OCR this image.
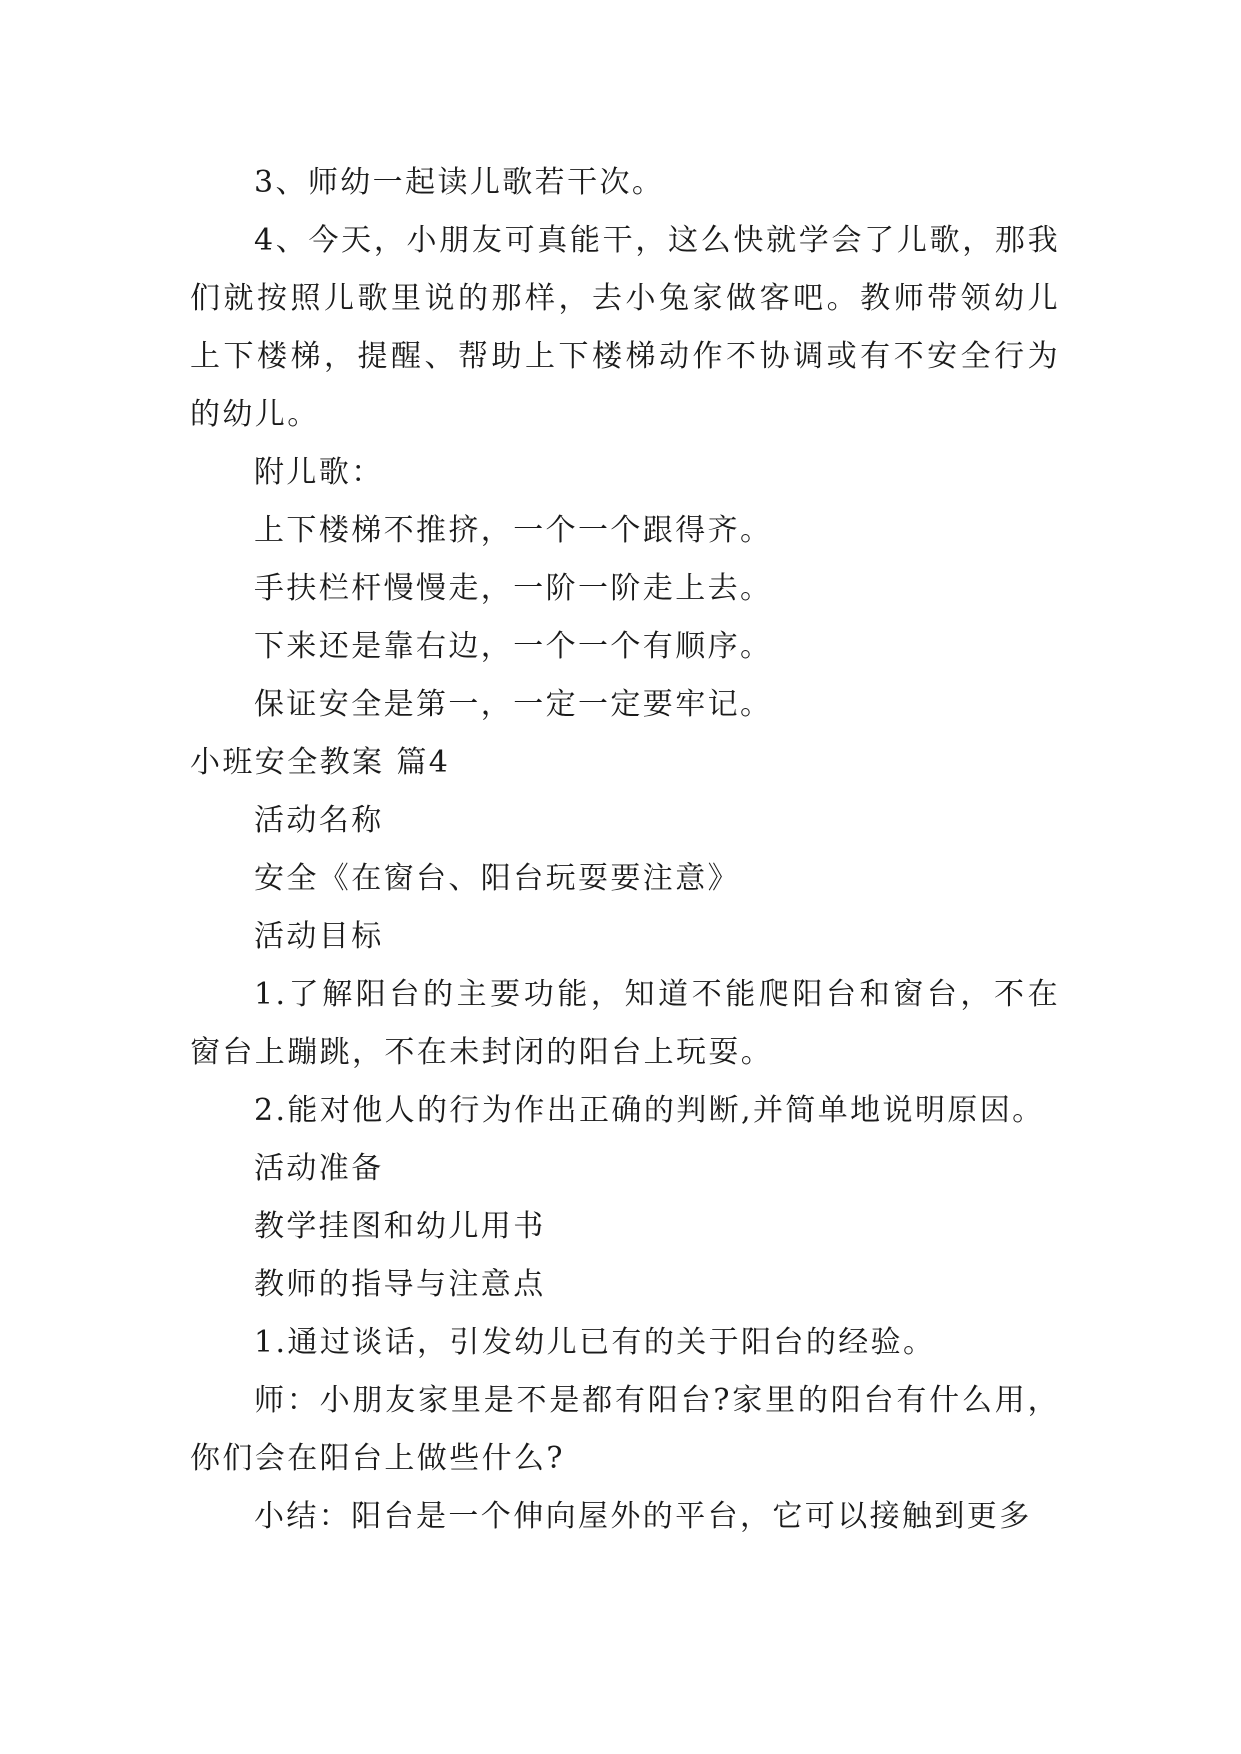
3、师幼一起读儿歌若干次。

4、今天，小朋友可真能干，这么快就学会了儿歌，那我们就按照儿歌里说的那样，去小兔家做客吧。教师带领幼儿上下楼梯，提醒、帮助上下楼梯动作不协调或有不安全行为的幼儿。

附儿歌：

上下楼梯不推挤，一个一个跟得齐。

手扶栏杆慢慢走，一阶一阶走上去。

下来还是靠右边，一个一个有顺序。

保证安全是第一，一定一定要牢记。

小班安全教案 篇4

活动名称

安全《在窗台、阳台玩耍要注意》

活动目标

1.了解阳台的主要功能，知道不能爬阳台和窗台，不在窗台上蹦跳，不在未封闭的阳台上玩耍。

2.能对他人的行为作出正确的判断,并简单地说明原因。

活动准备

教学挂图和幼儿用书

教师的指导与注意点

1.通过谈话，引发幼儿已有的关于阳台的经验。

师：小朋友家里是不是都有阳台?家里的阳台有什么用，你们会在阳台上做些什么?

小结：阳台是一个伸向屋外的平台，它可以接触到更多
